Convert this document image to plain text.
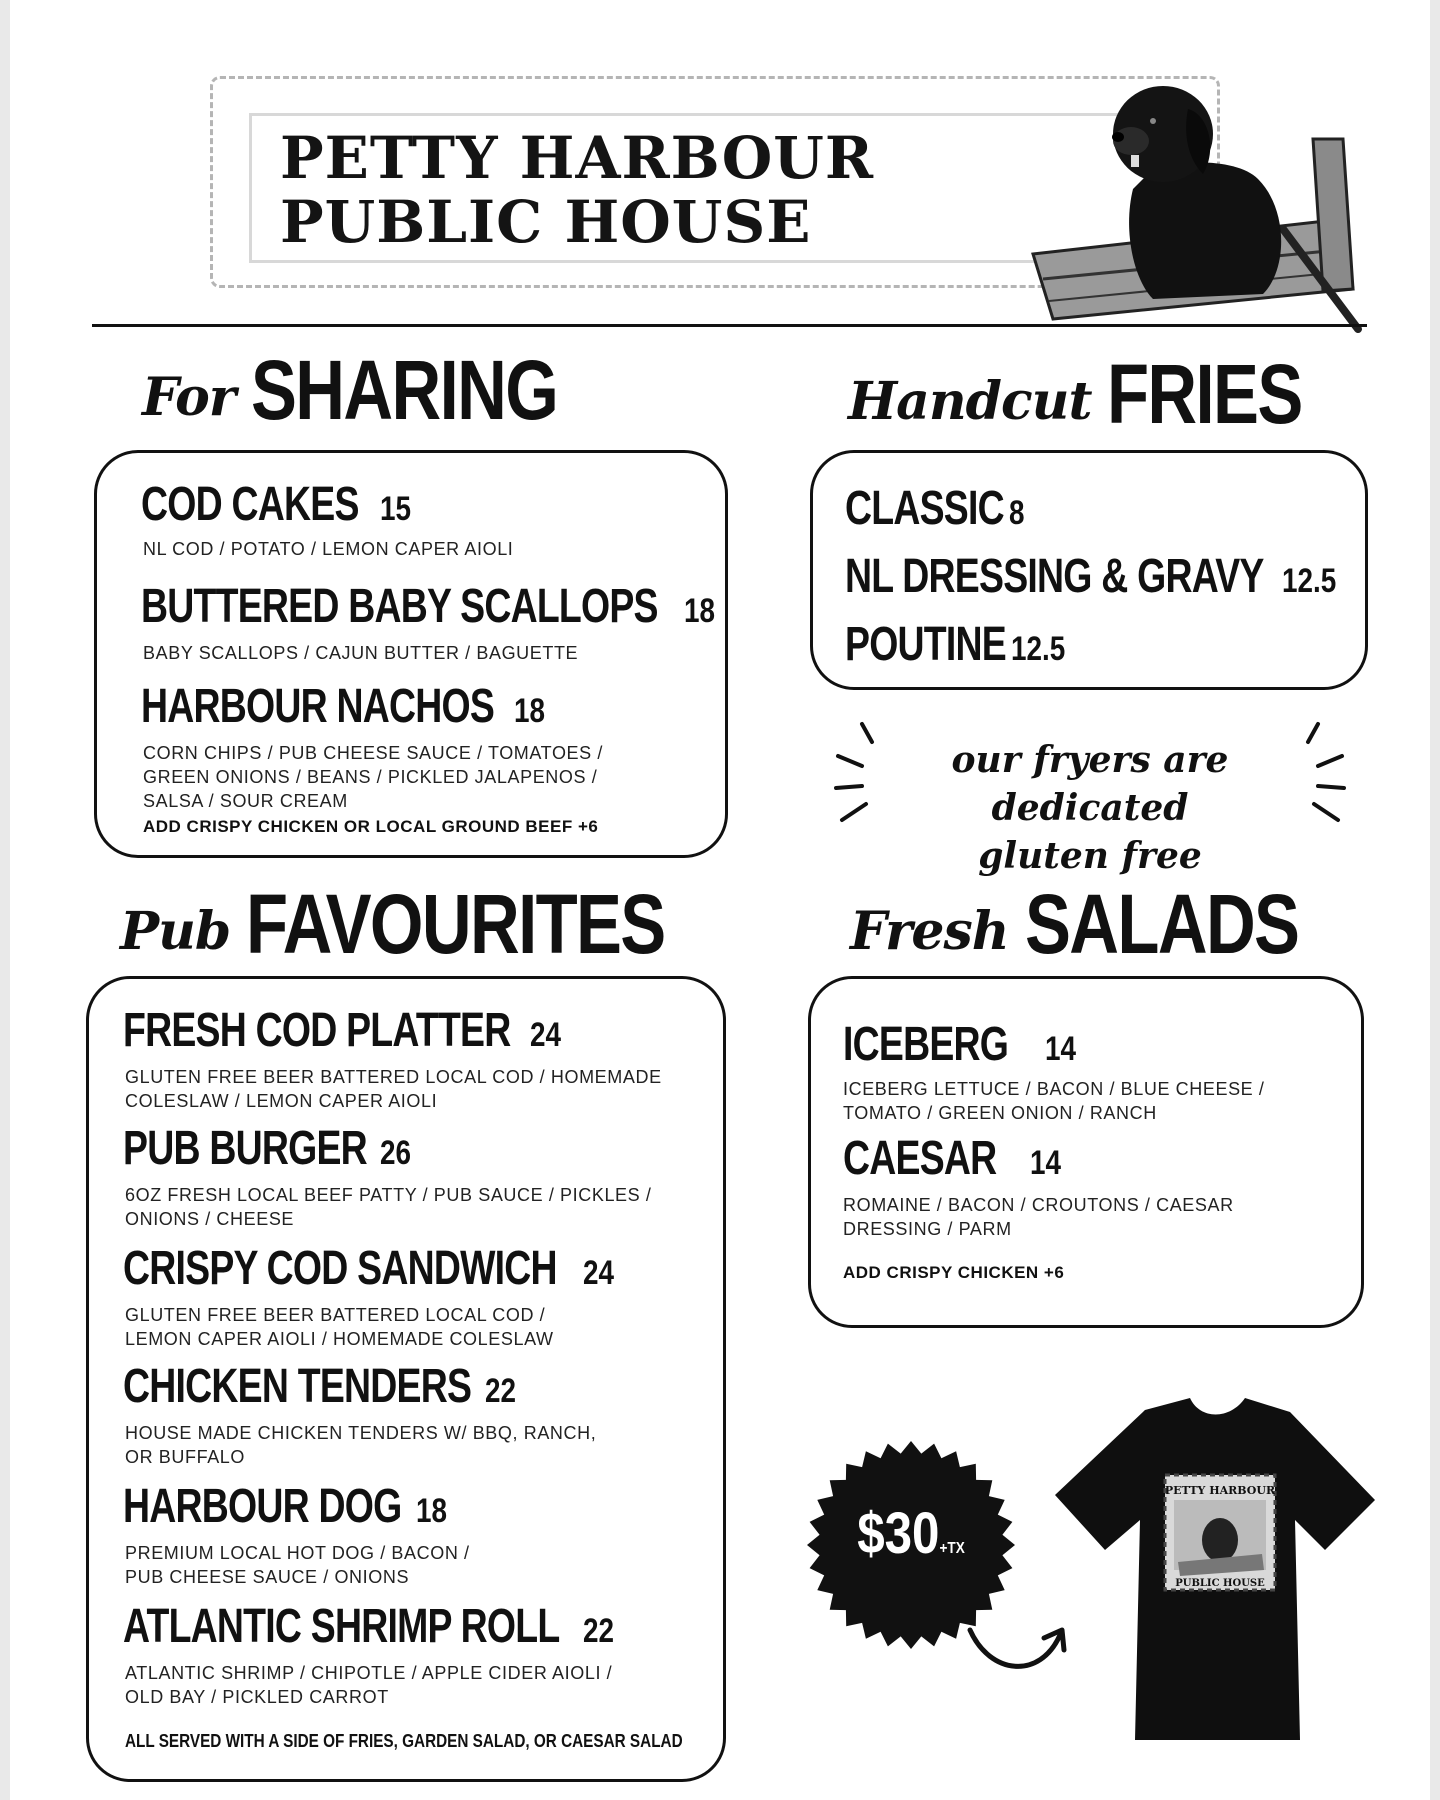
PETTY HARBOUR
PUBLIC HOUSE
For SHARING
COD CAKES 15
NL COD / POTATO / LEMON CAPER AIOLI
BUTTERED BABY SCALLOPS 18
BABY SCALLOPS / CAJUN BUTTER / BAGUETTE
HARBOUR NACHOS 18
CORN CHIPS / PUB CHEESE SAUCE / TOMATOES /
GREEN ONIONS / BEANS / PICKLED JALAPENOS /
SALSA / SOUR CREAM
ADD CRISPY CHICKEN OR LOCAL GROUND BEEF +6
Handcut FRIES
CLASSIC 8
NL DRESSING & GRAVY 12.5
POUTINE 12.5
our fryers are dedicated
gluten free
Pub FAVOURITES
FRESH COD PLATTER 24
GLUTEN FREE BEER BATTERED LOCAL COD / HOMEMADE
COLESLAW / LEMON CAPER AIOLI
PUB BURGER 26
6OZ FRESH LOCAL BEEF PATTY / PUB SAUCE / PICKLES /
ONIONS / CHEESE
CRISPY COD SANDWICH 24
GLUTEN FREE BEER BATTERED LOCAL COD /
LEMON CAPER AIOLI / HOMEMADE COLESLAW
CHICKEN TENDERS 22
HOUSE MADE CHICKEN TENDERS W/ BBQ, RANCH,
OR BUFFALO
HARBOUR DOG 18
PREMIUM LOCAL HOT DOG / BACON /
PUB CHEESE SAUCE / ONIONS
ATLANTIC SHRIMP ROLL 22
ATLANTIC SHRIMP / CHIPOTLE / APPLE CIDER AIOLI /
OLD BAY / PICKLED CARROT
ALL SERVED WITH A SIDE OF FRIES, GARDEN SALAD, OR CAESAR SALAD
Fresh SALADS
ICEBERG 14
ICEBERG LETTUCE / BACON / BLUE CHEESE /
TOMATO / GREEN ONION / RANCH
CAESAR 14
ROMAINE / BACON / CROUTONS / CAESAR
DRESSING / PARM
ADD CRISPY CHICKEN +6
$30+TX
PETTY HARBOUR
PUBLIC HOUSE
